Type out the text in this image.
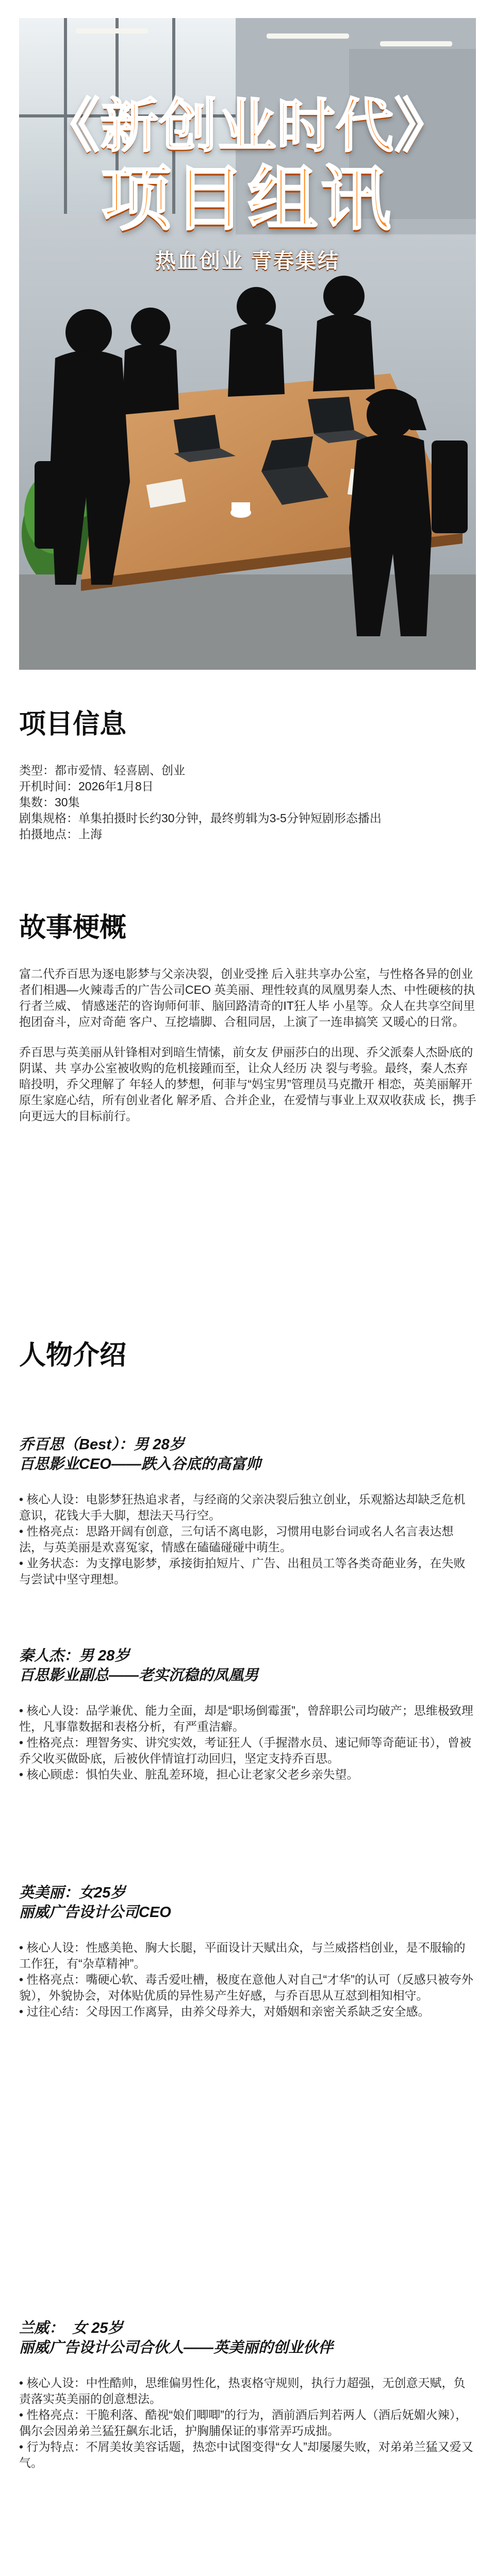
《新创业时代》
项目组讯
热血创业 青春集结
项目信息
类型：都市爱情、轻喜剧、创业
开机时间：2026年1月8日
集数：30集
剧集规格：单集拍摄时长约30分钟，最终剪辑为3-5分钟短剧形态播出
拍摄地点：上海
故事梗概

富二代乔百思为逐电影梦与父亲决裂，创业受挫 后入驻共享办公室，与性格各异的创业者们相遇—火辣毒舌的广告公司CEO 英美丽、理性较真的凤凰男秦人杰、中性硬核的执行者兰威、 情感迷茫的咨询师何菲、脑回路清奇的IT狂人毕 小星等。众人在共享空间里抱团奋斗，应对奇葩 客户、互挖墙脚、合租同居，上演了一连串搞笑 又暖心的日常。

乔百思与英美丽从针锋相对到暗生情愫，前女友 伊丽莎白的出现、乔父派秦人杰卧底的阴谋、共 享办公室被收购的危机接踵而至，让众人经历 决 裂与考验。最终，秦人杰弃暗投明，乔父理解了 年轻人的梦想，何菲与“妈宝男”管理员马克撒开 相恋，英美丽解开原生家庭心结，所有创业者化 解矛盾、合并企业，在爱情与事业上双双收获成 长，携手向更远大的目标前行。

人物介绍
乔百思（Best）：男 28岁
百思影业CEO——跌入谷底的高富帅
• 核心人设：电影梦狂热追求者，与经商的父亲决裂后独立创业，乐观豁达却缺乏危机意识，花钱大手大脚，想法天马行空。
• 性格亮点：思路开阔有创意，三句话不离电影，习惯用电影台词或名人名言表达想法，与英美丽是欢喜冤家，情感在磕磕碰碰中萌生。
• 业务状态：为支撑电影梦，承接街拍短片、广告、出租员工等各类奇葩业务，在失败与尝试中坚守理想。
秦人杰：男 28岁
百思影业副总——老实沉稳的凤凰男
• 核心人设：品学兼优、能力全面，却是“职场倒霉蛋”，曾辞职公司均破产；思维极致理性，凡事靠数据和表格分析，有严重洁癖。
• 性格亮点：理智务实、讲究实效，考证狂人（手握潜水员、速记师等奇葩证书），曾被乔父收买做卧底，后被伙伴情谊打动回归，坚定支持乔百思。
• 核心顾虑：惧怕失业、脏乱差环境，担心让老家父老乡亲失望。
英美丽：女25岁
丽威广告设计公司CEO
• 核心人设：性感美艳、胸大长腿，平面设计天赋出众，与兰威搭档创业，是不服输的工作狂，有“杂草精神”。
• 性格亮点：嘴硬心软、毒舌爱吐槽，极度在意他人对自己“才华”的认可（反感只被夸外貌），外貌协会，对体贴优质的异性易产生好感，与乔百思从互怼到相知相守。
• 过往心结：父母因工作离异，由养父母养大，对婚姻和亲密关系缺乏安全感。
兰威：  女 25岁
丽威广告设计公司合伙人——英美丽的创业伙伴
• 核心人设：中性酷帅，思维偏男性化，热衷格守规则，执行力超强，无创意天赋，负责落实英美丽的创意想法。
• 性格亮点：干脆利落、酷视“娘们唧唧”的行为，酒前酒后判若两人（酒后妩媚火辣），偶尔会因弟弟兰猛狂飙东北话，护胸脯保证的事常弄巧成拙。
• 行为特点：不屑美妆美容话题，热恋中试图变得“女人”却屡屡失败，对弟弟兰猛又爱又气。
